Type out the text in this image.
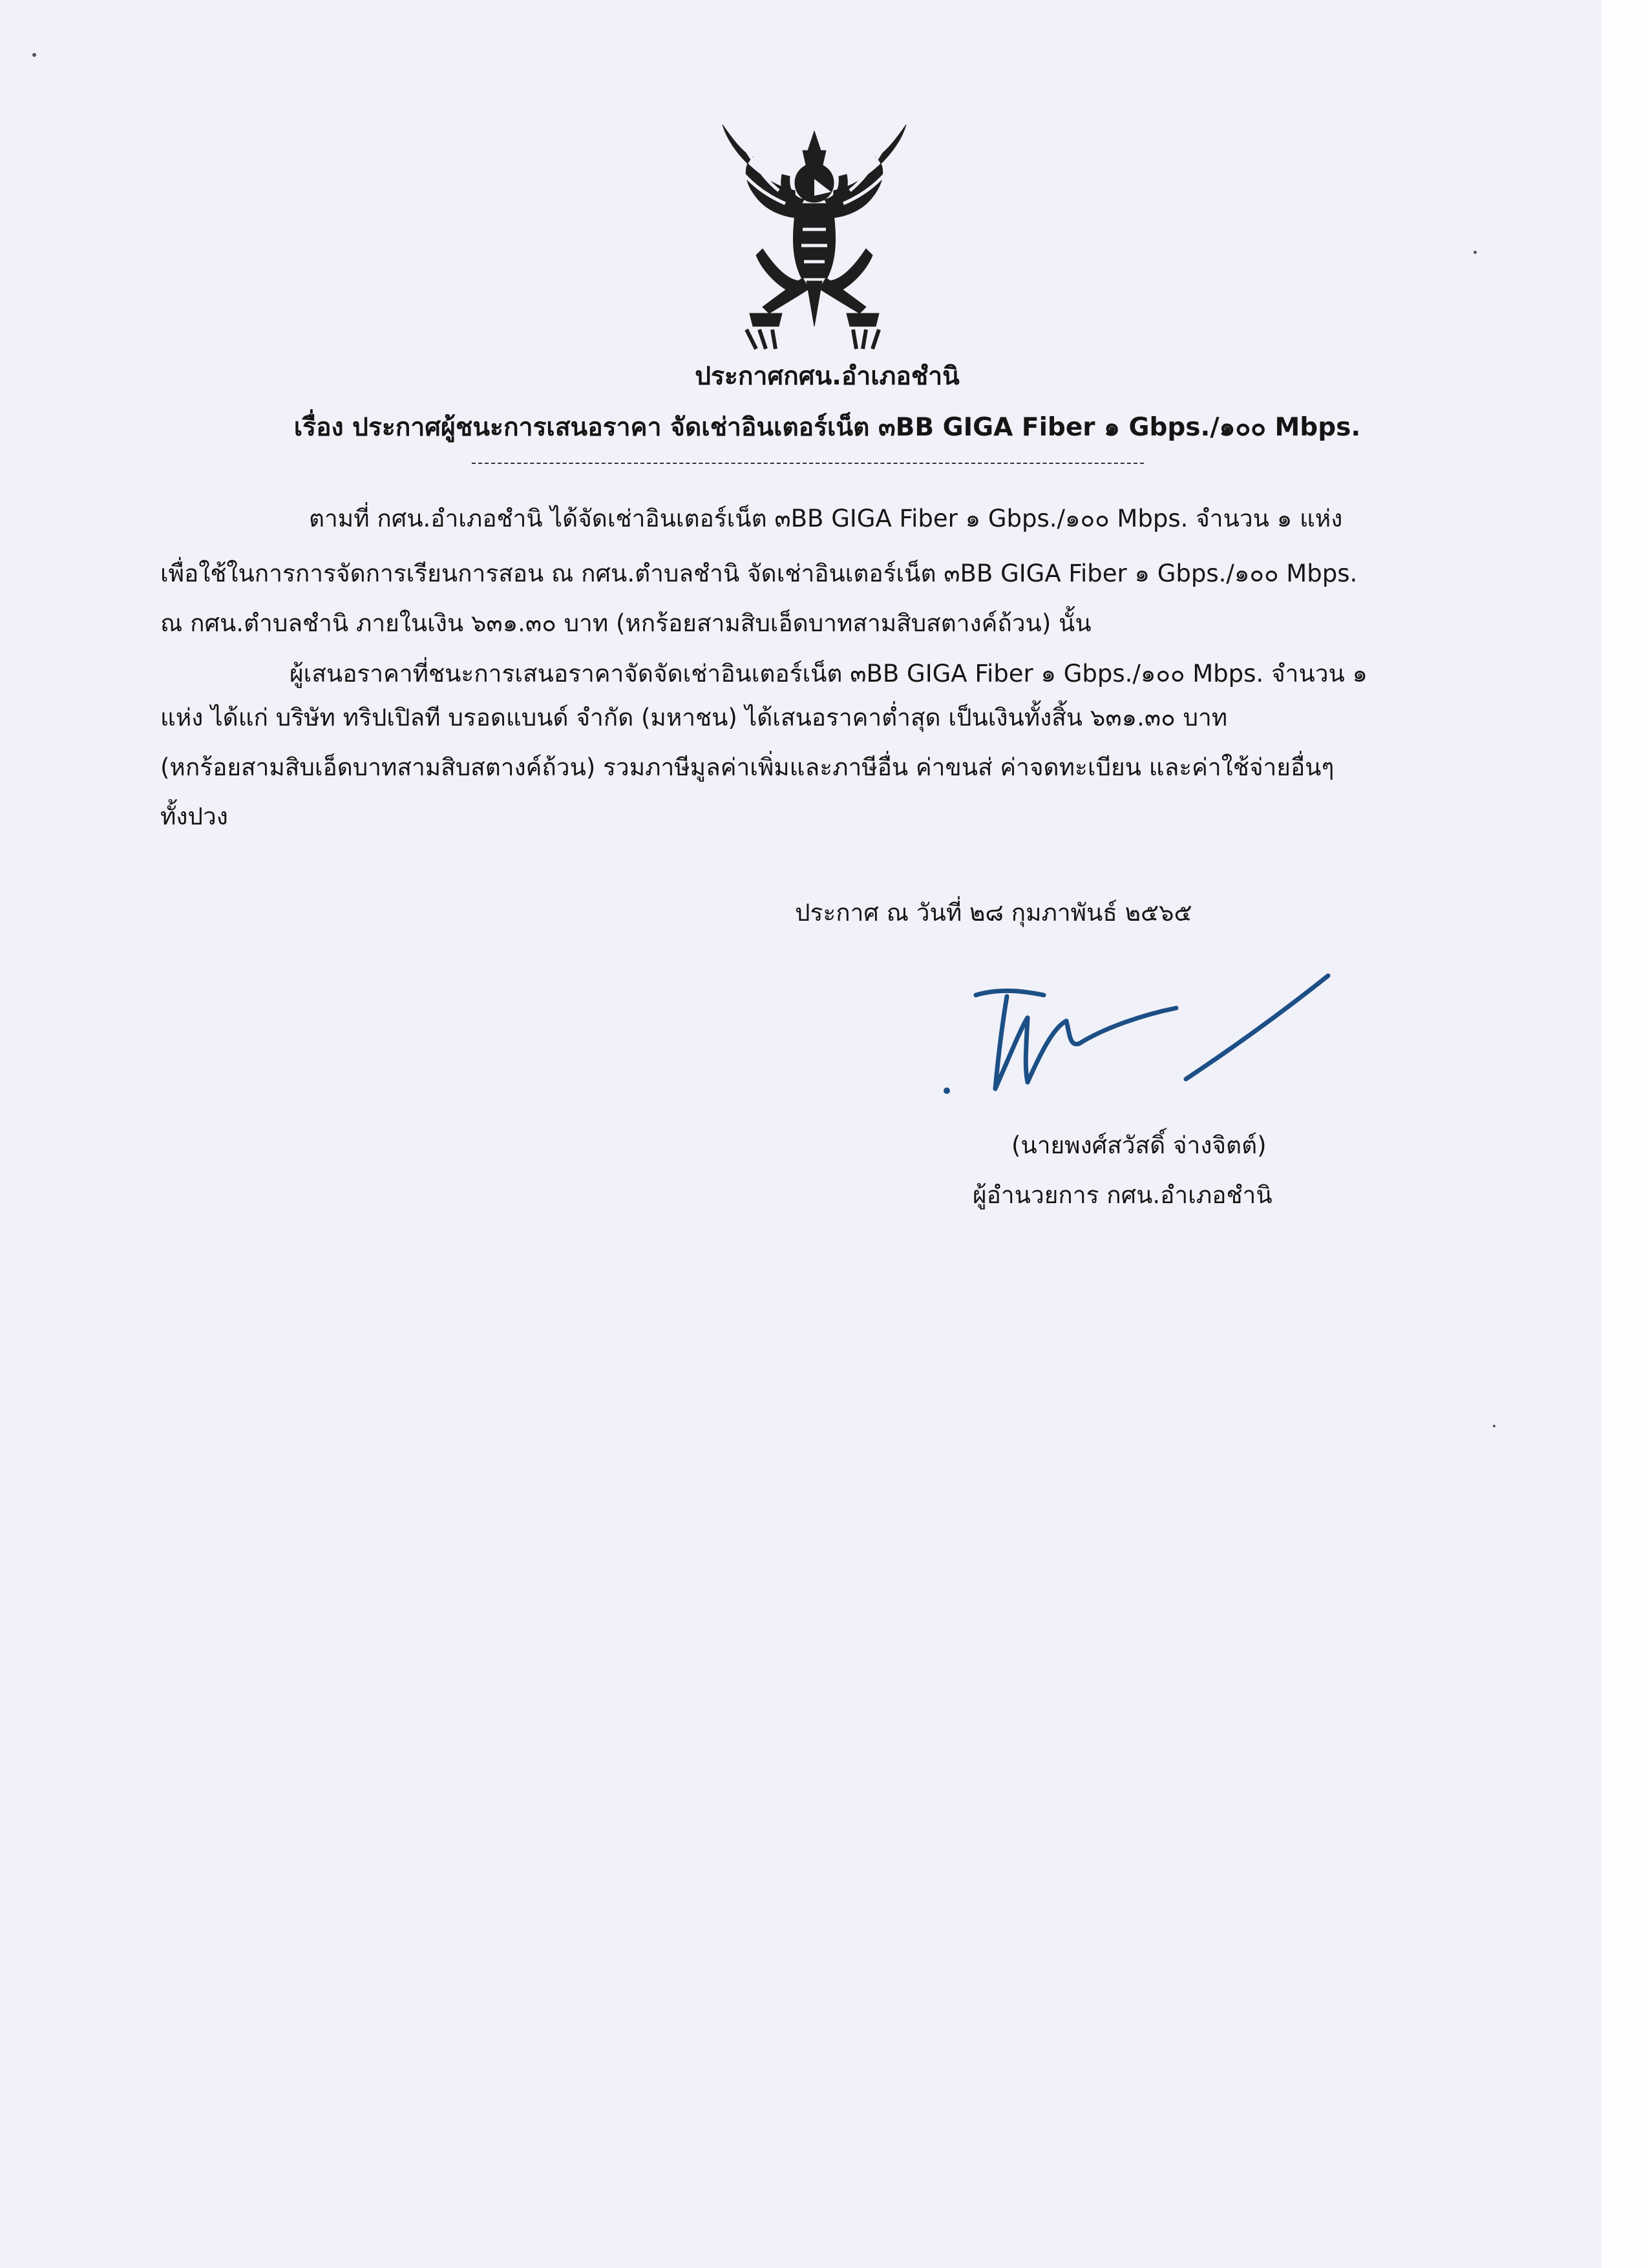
ประกาศกศน.อำเภอชำนิ
เรื่อง ประกาศผู้ชนะการเสนอราคา จัดเช่าอินเตอร์เน็ต ๓BB GIGA Fiber ๑ Gbps./๑๐๐ Mbps.
ตามที่ กศน.อำเภอชำนิ ได้จัดเช่าอินเตอร์เน็ต ๓BB GIGA Fiber ๑ Gbps./๑๐๐ Mbps. จำนวน ๑ แห่ง
เพื่อใช้ในการการจัดการเรียนการสอน ณ กศน.ตำบลชำนิ จัดเช่าอินเตอร์เน็ต ๓BB GIGA Fiber ๑ Gbps./๑๐๐ Mbps.
ณ กศน.ตำบลชำนิ ภายในเงิน ๖๓๑.๓๐ บาท (หกร้อยสามสิบเอ็ดบาทสามสิบสตางค์ถ้วน) นั้น
ผู้เสนอราคาที่ชนะการเสนอราคาจัดจัดเช่าอินเตอร์เน็ต ๓BB GIGA Fiber ๑ Gbps./๑๐๐ Mbps. จำนวน ๑
แห่ง ได้แก่ บริษัท ทริปเปิลที บรอดแบนด์ จำกัด (มหาชน) ได้เสนอราคาต่ำสุด เป็นเงินทั้งสิ้น ๖๓๑.๓๐ บาท
(หกร้อยสามสิบเอ็ดบาทสามสิบสตางค์ถ้วน) รวมภาษีมูลค่าเพิ่มและภาษีอื่น ค่าขนส่ ค่าจดทะเบียน และค่าใช้จ่ายอื่นๆ
ทั้งปวง
ประกาศ ณ วันที่ ๒๘ กุมภาพันธ์ ๒๕๖๕
(นายพงศ์สวัสดิ์ จ่างจิตต์)
ผู้อำนวยการ กศน.อำเภอชำนิ
